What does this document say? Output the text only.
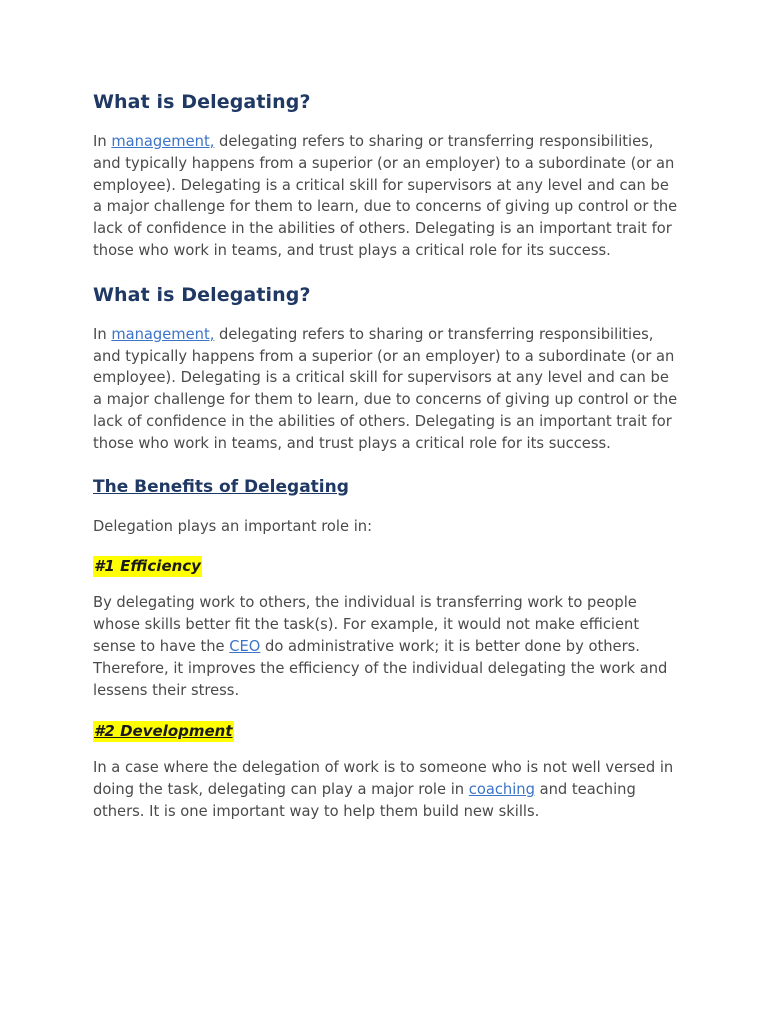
What is Delegating?

In management, delegating refers to sharing or transferring responsibilities, and typically happens from a superior (or an employer) to a subordinate (or an employee). Delegating is a critical skill for supervisors at any level and can be a major challenge for them to learn, due to concerns of giving up control or the lack of confidence in the abilities of others. Delegating is an important trait for those who work in teams, and trust plays a critical role for its success.

What is Delegating?

In management, delegating refers to sharing or transferring responsibilities, and typically happens from a superior (or an employer) to a subordinate (or an employee). Delegating is a critical skill for supervisors at any level and can be a major challenge for them to learn, due to concerns of giving up control or the lack of confidence in the abilities of others. Delegating is an important trait for those who work in teams, and trust plays a critical role for its success.

The Benefits of Delegating

Delegation plays an important role in:

#1 Efficiency

By delegating work to others, the individual is transferring work to people whose skills better fit the task(s). For example, it would not make efficient sense to have the CEO do administrative work; it is better done by others. Therefore, it improves the efficiency of the individual delegating the work and lessens their stress.

#2 Development

In a case where the delegation of work is to someone who is not well versed in doing the task, delegating can play a major role in coaching and teaching others. It is one important way to help them build new skills.
